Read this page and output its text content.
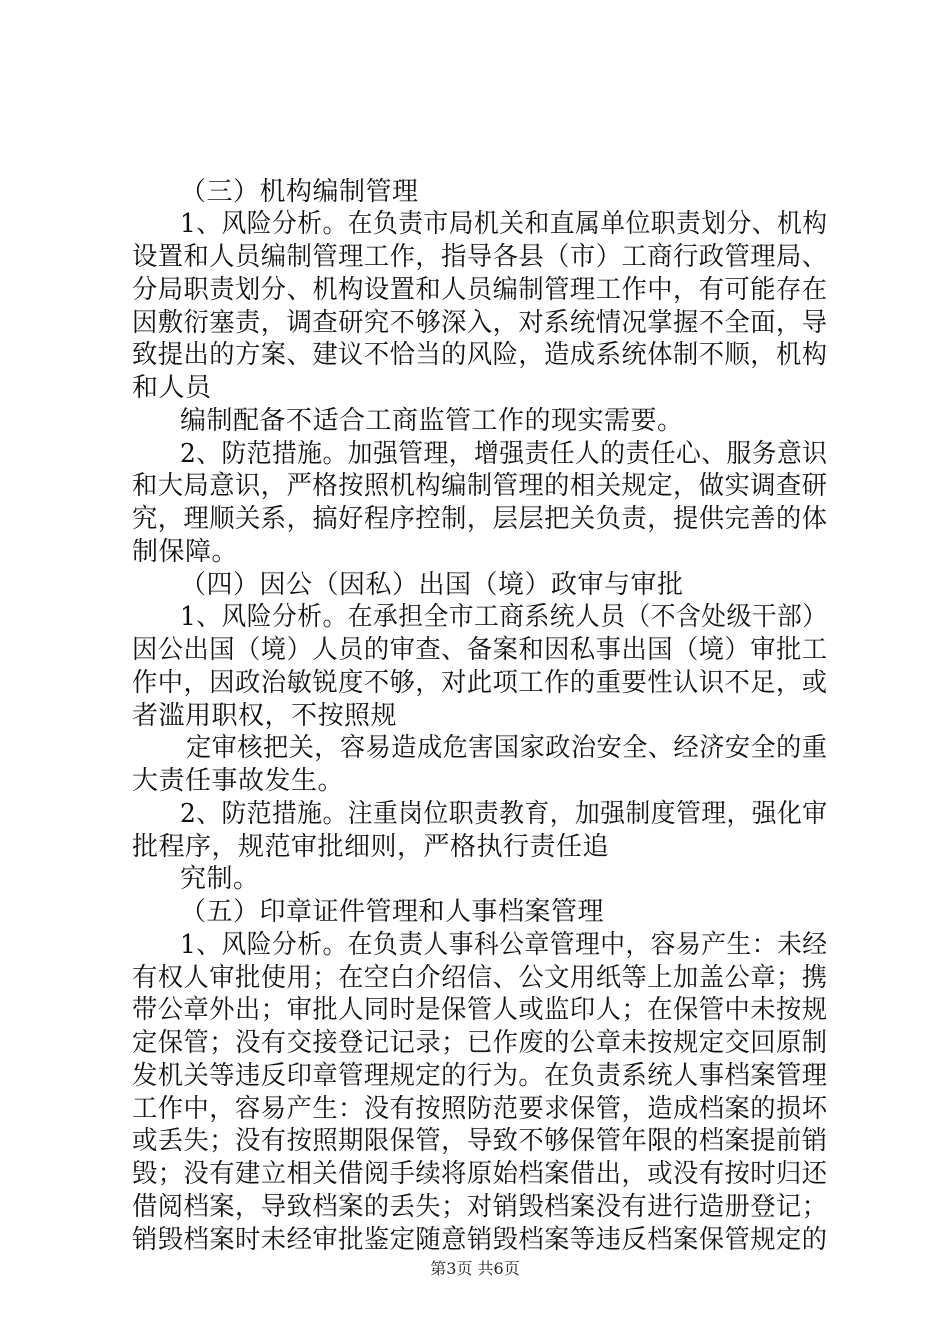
（三）机构编制管理
1、风险分析。在负责市局机关和直属单位职责划分、机构
设置和人员编制管理工作，指导各县（市）工商行政管理局、
分局职责划分、机构设置和人员编制管理工作中，有可能存在
因敷衍塞责，调查研究不够深入，对系统情况掌握不全面，导
致提出的方案、建议不恰当的风险，造成系统体制不顺，机构
和人员
编制配备不适合工商监管工作的现实需要。
2、防范措施。加强管理，增强责任人的责任心、服务意识
和大局意识，严格按照机构编制管理的相关规定，做实调查研
究，理顺关系，搞好程序控制，层层把关负责，提供完善的体
制保障。
（四）因公（因私）出国（境）政审与审批
1、风险分析。在承担全市工商系统人员（不含处级干部）
因公出国（境）人员的审查、备案和因私事出国（境）审批工
作中，因政治敏锐度不够，对此项工作的重要性认识不足，或
者滥用职权，不按照规
定审核把关，容易造成危害国家政治安全、经济安全的重
大责任事故发生。
2、防范措施。注重岗位职责教育，加强制度管理，强化审
批程序，规范审批细则，严格执行责任追
究制。
（五）印章证件管理和人事档案管理
1、风险分析。在负责人事科公章管理中，容易产生：未经
有权人审批使用；在空白介绍信、公文用纸等上加盖公章；携
带公章外出；审批人同时是保管人或监印人；在保管中未按规
定保管；没有交接登记记录；已作废的公章未按规定交回原制
发机关等违反印章管理规定的行为。在负责系统人事档案管理
工作中，容易产生：没有按照防范要求保管，造成档案的损坏
或丢失；没有按照期限保管，导致不够保管年限的档案提前销
毁；没有建立相关借阅手续将原始档案借出，或没有按时归还
借阅档案，导致档案的丢失；对销毁档案没有进行造册登记；
销毁档案时未经审批鉴定随意销毁档案等违反档案保管规定的
第3页 共6页
